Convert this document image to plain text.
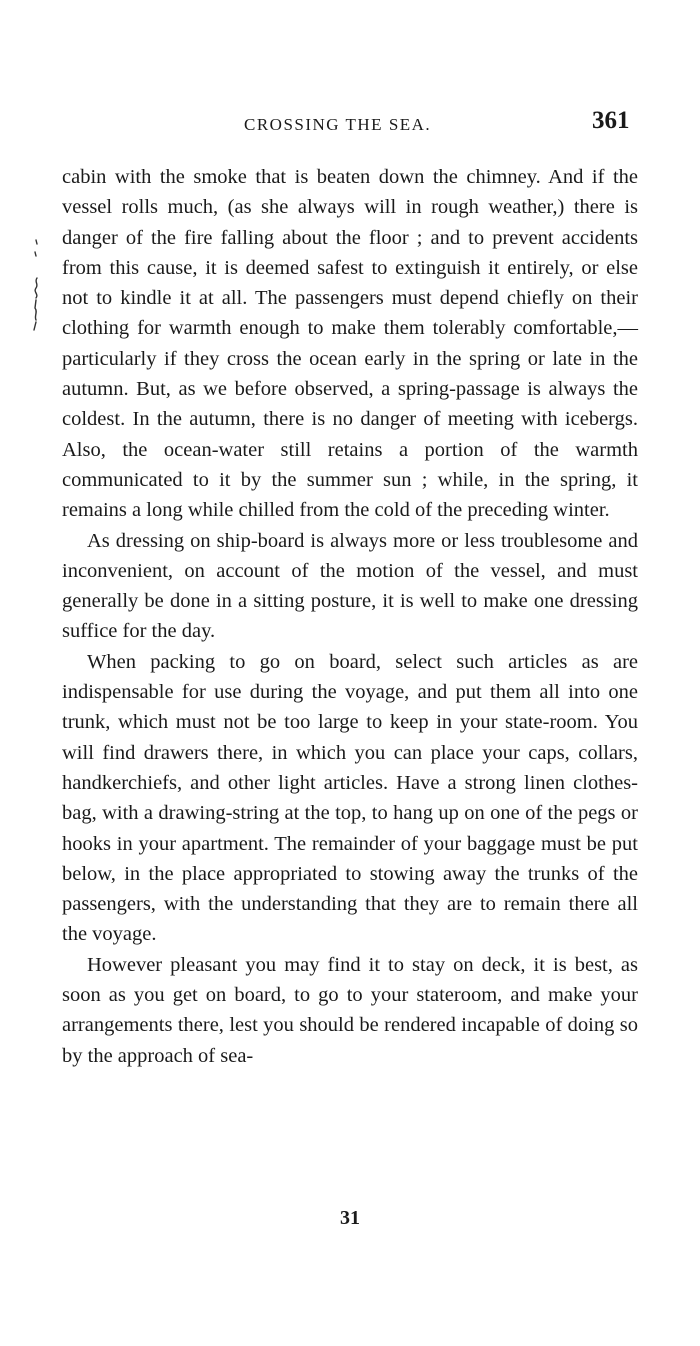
CROSSING THE SEA.	361

cabin with the smoke that is beaten down the chimney. And if the vessel rolls much, (as she always will in rough weather,) there is danger of the fire falling about the floor ; and to prevent accidents from this cause, it is deemed safest to extinguish it entirely, or else not to kindle it at all. The passengers must depend chiefly on their clothing for warmth enough to make them tolerably comfortable,—particularly if they cross the ocean early in the spring or late in the autumn. But, as we before observed, a spring-passage is always the coldest. In the autumn, there is no danger of meeting with icebergs. Also, the ocean-water still retains a portion of the warmth communicated to it by the summer sun ; while, in the spring, it remains a long while chilled from the cold of the preceding winter.

As dressing on ship-board is always more or less troublesome and inconvenient, on account of the motion of the vessel, and must generally be done in a sitting posture, it is well to make one dressing suffice for the day.

When packing to go on board, select such articles as are indispensable for use during the voyage, and put them all into one trunk, which must not be too large to keep in your state-room. You will find drawers there, in which you can place your caps, collars, handkerchiefs, and other light articles. Have a strong linen clothes-bag, with a drawing-string at the top, to hang up on one of the pegs or hooks in your apartment. The remainder of your baggage must be put below, in the place appropriated to stowing away the trunks of the passengers, with the understanding that they are to remain there all the voyage.

However pleasant you may find it to stay on deck, it is best, as soon as you get on board, to go to your stateroom, and make your arrangements there, lest you should be rendered incapable of doing so by the approach of sea-

31
